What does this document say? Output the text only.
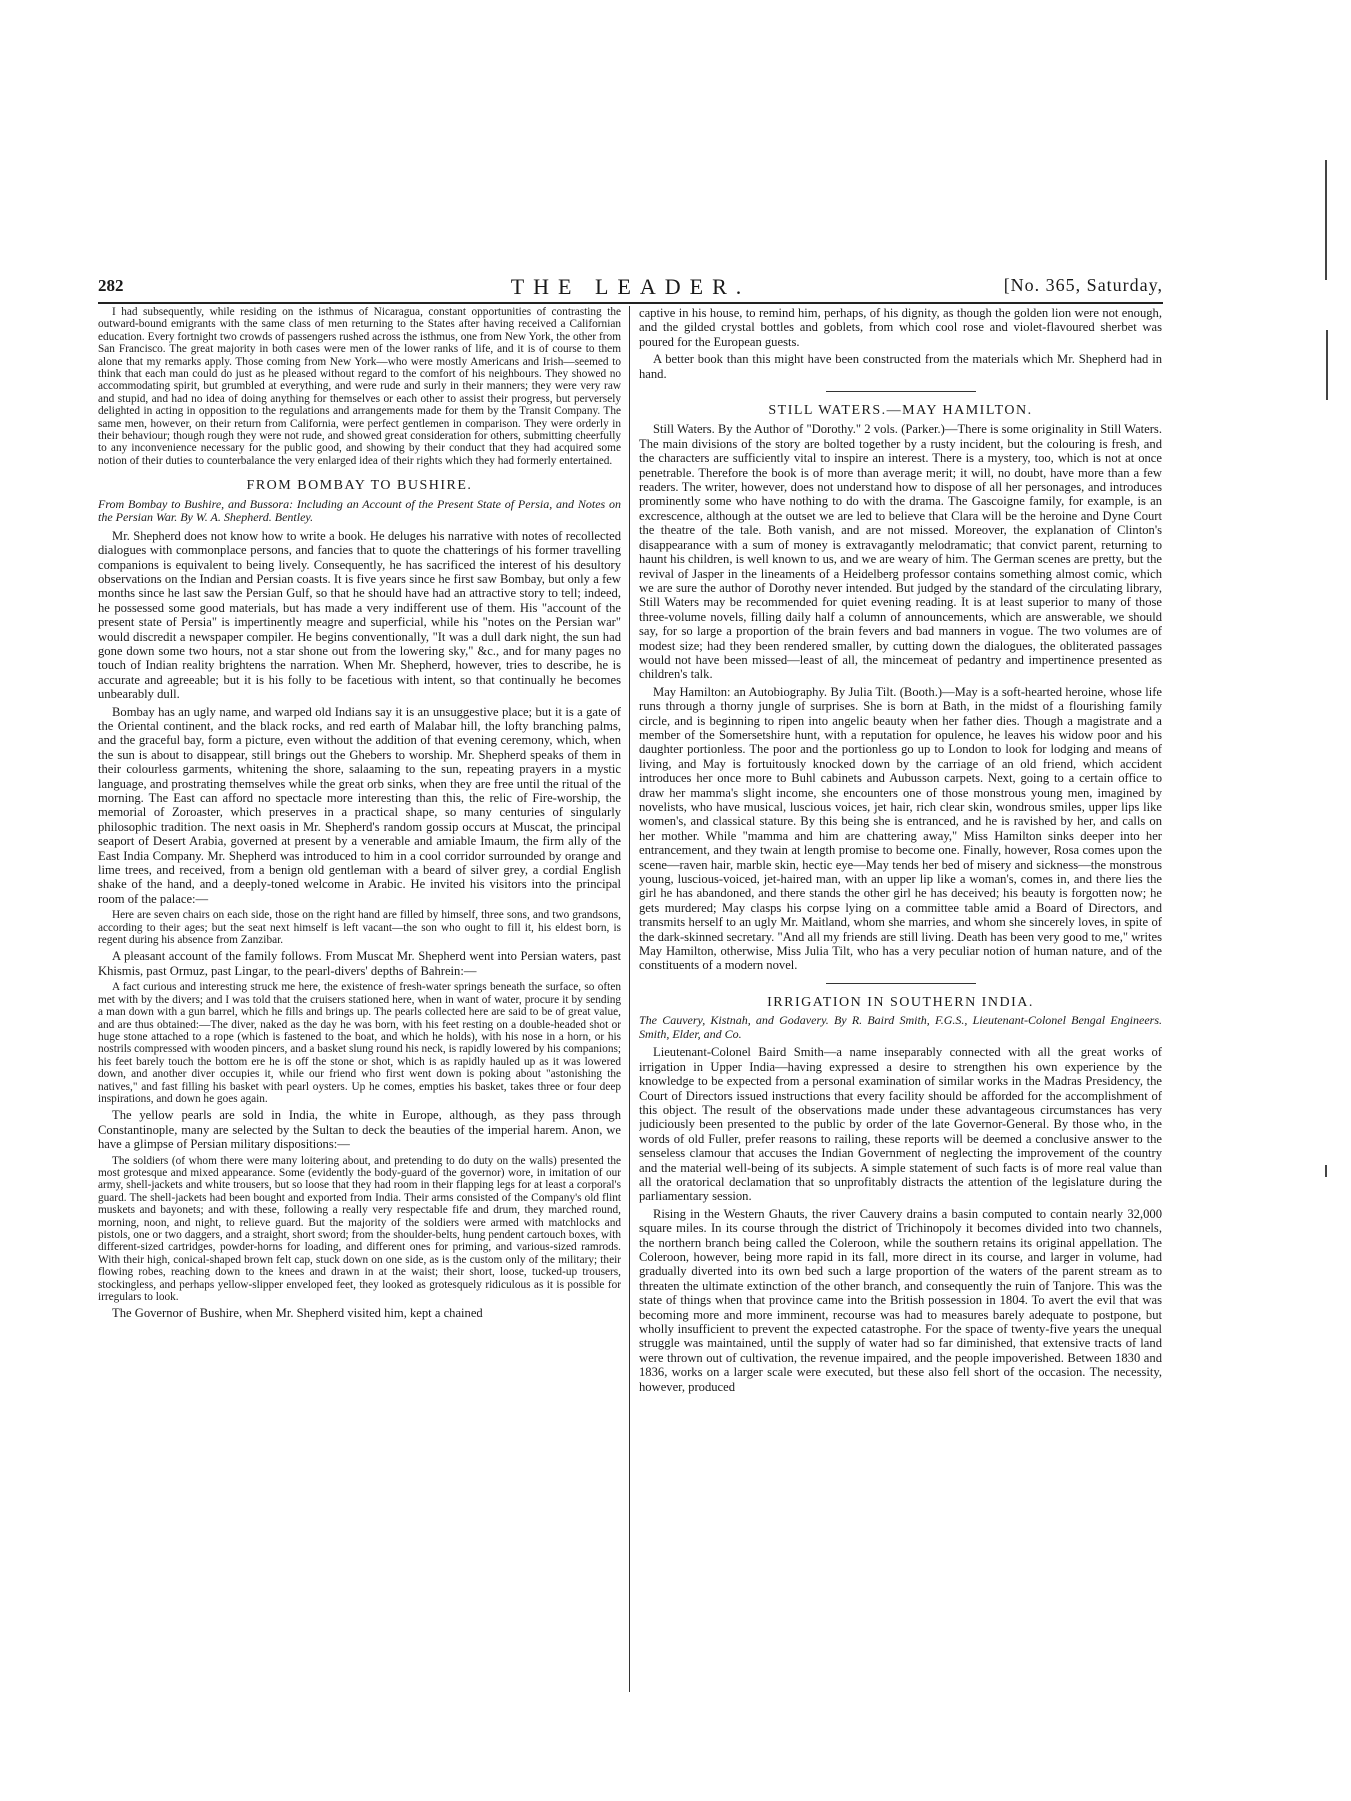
282	THE LEADER.	[No. 365, Saturday,

I had subsequently, while residing on the isthmus of Nicaragua, constant opportunities of contrasting the outward-bound emigrants with the same class of men returning to the States after having received a Californian education. Every fortnight two crowds of passengers rushed across the isthmus, one from New York, the other from San Francisco. The great majority in both cases were men of the lower ranks of life, and it is of course to them alone that my remarks apply. Those coming from New York—who were mostly Americans and Irish—seemed to think that each man could do just as he pleased without regard to the comfort of his neighbours. They showed no accommodating spirit, but grumbled at everything, and were rude and surly in their manners; they were very raw and stupid, and had no idea of doing anything for themselves or each other to assist their progress, but perversely delighted in acting in opposition to the regulations and arrangements made for them by the Transit Company. The same men, however, on their return from California, were perfect gentlemen in comparison. They were orderly in their behaviour; though rough they were not rude, and showed great consideration for others, submitting cheerfully to any inconvenience necessary for the public good, and showing by their conduct that they had acquired some notion of their duties to counterbalance the very enlarged idea of their rights which they had formerly entertained.

FROM BOMBAY TO BUSHIRE.

From Bombay to Bushire, and Bussora: Including an Account of the Present State of Persia, and Notes on the Persian War. By W. A. Shepherd. Bentley.

Mr. Shepherd does not know how to write a book. He deluges his narrative with notes of recollected dialogues with commonplace persons, and fancies that to quote the chatterings of his former travelling companions is equivalent to being lively. Consequently, he has sacrificed the interest of his desultory observations on the Indian and Persian coasts. It is five years since he first saw Bombay, but only a few months since he last saw the Persian Gulf, so that he should have had an attractive story to tell; indeed, he possessed some good materials, but has made a very indifferent use of them. His "account of the present state of Persia" is impertinently meagre and superficial, while his "notes on the Persian war" would discredit a newspaper compiler. He begins conventionally, "It was a dull dark night, the sun had gone down some two hours, not a star shone out from the lowering sky," &c., and for many pages no touch of Indian reality brightens the narration. When Mr. Shepherd, however, tries to describe, he is accurate and agreeable; but it is his folly to be facetious with intent, so that continually he becomes unbearably dull.

Bombay has an ugly name, and warped old Indians say it is an unsuggestive place; but it is a gate of the Oriental continent, and the black rocks, and red earth of Malabar hill, the lofty branching palms, and the graceful bay, form a picture, even without the addition of that evening ceremony, which, when the sun is about to disappear, still brings out the Ghebers to worship. Mr. Shepherd speaks of them in their colourless garments, whitening the shore, salaaming to the sun, repeating prayers in a mystic language, and prostrating themselves while the great orb sinks, when they are free until the ritual of the morning. The East can afford no spectacle more interesting than this, the relic of Fire-worship, the memorial of Zoroaster, which preserves in a practical shape, so many centuries of singularly philosophic tradition. The next oasis in Mr. Shepherd's random gossip occurs at Muscat, the principal seaport of Desert Arabia, governed at present by a venerable and amiable Imaum, the firm ally of the East India Company. Mr. Shepherd was introduced to him in a cool corridor surrounded by orange and lime trees, and received, from a benign old gentleman with a beard of silver grey, a cordial English shake of the hand, and a deeply-toned welcome in Arabic. He invited his visitors into the principal room of the palace:—

Here are seven chairs on each side, those on the right hand are filled by himself, three sons, and two grandsons, according to their ages; but the seat next himself is left vacant—the son who ought to fill it, his eldest born, is regent during his absence from Zanzibar.

A pleasant account of the family follows. From Muscat Mr. Shepherd went into Persian waters, past Khismis, past Ormuz, past Lingar, to the pearl-divers' depths of Bahrein:—

A fact curious and interesting struck me here, the existence of fresh-water springs beneath the surface, so often met with by the divers; and I was told that the cruisers stationed here, when in want of water, procure it by sending a man down with a gun barrel, which he fills and brings up. The pearls collected here are said to be of great value, and are thus obtained:—The diver, naked as the day he was born, with his feet resting on a double-headed shot or huge stone attached to a rope (which is fastened to the boat, and which he holds), with his nose in a horn, or his nostrils compressed with wooden pincers, and a basket slung round his neck, is rapidly lowered by his companions; his feet barely touch the bottom ere he is off the stone or shot, which is as rapidly hauled up as it was lowered down, and another diver occupies it, while our friend who first went down is poking about "astonishing the natives," and fast filling his basket with pearl oysters. Up he comes, empties his basket, takes three or four deep inspirations, and down he goes again.

The yellow pearls are sold in India, the white in Europe, although, as they pass through Constantinople, many are selected by the Sultan to deck the beauties of the imperial harem. Anon, we have a glimpse of Persian military dispositions:—

The soldiers (of whom there were many loitering about, and pretending to do duty on the walls) presented the most grotesque and mixed appearance. Some (evidently the body-guard of the governor) wore, in imitation of our army, shell-jackets and white trousers, but so loose that they had room in their flapping legs for at least a corporal's guard. The shell-jackets had been bought and exported from India. Their arms consisted of the Company's old flint muskets and bayonets; and with these, following a really very respectable fife and drum, they marched round, morning, noon, and night, to relieve guard. But the majority of the soldiers were armed with matchlocks and pistols, one or two daggers, and a straight, short sword; from the shoulder-belts, hung pendent cartouch boxes, with different-sized cartridges, powder-horns for loading, and different ones for priming, and various-sized ramrods. With their high, conical-shaped brown felt cap, stuck down on one side, as is the custom only of the military; their flowing robes, reaching down to the knees and drawn in at the waist; their short, loose, tucked-up trousers, stockingless, and perhaps yellow-slipper enveloped feet, they looked as grotesquely ridiculous as it is possible for irregulars to look.

The Governor of Bushire, when Mr. Shepherd visited him, kept a chained

captive in his house, to remind him, perhaps, of his dignity, as though the golden lion were not enough, and the gilded crystal bottles and goblets, from which cool rose and violet-flavoured sherbet was poured for the European guests.

A better book than this might have been constructed from the materials which Mr. Shepherd had in hand.

STILL WATERS.—MAY HAMILTON.

Still Waters. By the Author of "Dorothy." 2 vols. (Parker.)—There is some originality in Still Waters. The main divisions of the story are bolted together by a rusty incident, but the colouring is fresh, and the characters are sufficiently vital to inspire an interest. There is a mystery, too, which is not at once penetrable. Therefore the book is of more than average merit; it will, no doubt, have more than a few readers. The writer, however, does not understand how to dispose of all her personages, and introduces prominently some who have nothing to do with the drama. The Gascoigne family, for example, is an excrescence, although at the outset we are led to believe that Clara will be the heroine and Dyne Court the theatre of the tale. Both vanish, and are not missed. Moreover, the explanation of Clinton's disappearance with a sum of money is extravagantly melodramatic; that convict parent, returning to haunt his children, is well known to us, and we are weary of him. The German scenes are pretty, but the revival of Jasper in the lineaments of a Heidelberg professor contains something almost comic, which we are sure the author of Dorothy never intended. But judged by the standard of the circulating library, Still Waters may be recommended for quiet evening reading. It is at least superior to many of those three-volume novels, filling daily half a column of announcements, which are answerable, we should say, for so large a proportion of the brain fevers and bad manners in vogue. The two volumes are of modest size; had they been rendered smaller, by cutting down the dialogues, the obliterated passages would not have been missed—least of all, the mincemeat of pedantry and impertinence presented as children's talk.

May Hamilton: an Autobiography. By Julia Tilt. (Booth.)—May is a soft-hearted heroine, whose life runs through a thorny jungle of surprises. She is born at Bath, in the midst of a flourishing family circle, and is beginning to ripen into angelic beauty when her father dies. Though a magistrate and a member of the Somersetshire hunt, with a reputation for opulence, he leaves his widow poor and his daughter portionless. The poor and the portionless go up to London to look for lodging and means of living, and May is fortuitously knocked down by the carriage of an old friend, which accident introduces her once more to Buhl cabinets and Aubusson carpets. Next, going to a certain office to draw her mamma's slight income, she encounters one of those monstrous young men, imagined by novelists, who have musical, luscious voices, jet hair, rich clear skin, wondrous smiles, upper lips like women's, and classical stature. By this being she is entranced, and he is ravished by her, and calls on her mother. While "mamma and him are chattering away," Miss Hamilton sinks deeper into her entrancement, and they twain at length promise to become one. Finally, however, Rosa comes upon the scene—raven hair, marble skin, hectic eye—May tends her bed of misery and sickness—the monstrous young, luscious-voiced, jet-haired man, with an upper lip like a woman's, comes in, and there lies the girl he has abandoned, and there stands the other girl he has deceived; his beauty is forgotten now; he gets murdered; May clasps his corpse lying on a committee table amid a Board of Directors, and transmits herself to an ugly Mr. Maitland, whom she marries, and whom she sincerely loves, in spite of the dark-skinned secretary. "And all my friends are still living. Death has been very good to me," writes May Hamilton, otherwise, Miss Julia Tilt, who has a very peculiar notion of human nature, and of the constituents of a modern novel.

IRRIGATION IN SOUTHERN INDIA.

The Cauvery, Kistnah, and Godavery. By R. Baird Smith, F.G.S., Lieutenant-Colonel Bengal Engineers. Smith, Elder, and Co.

Lieutenant-Colonel Baird Smith—a name inseparably connected with all the great works of irrigation in Upper India—having expressed a desire to strengthen his own experience by the knowledge to be expected from a personal examination of similar works in the Madras Presidency, the Court of Directors issued instructions that every facility should be afforded for the accomplishment of this object. The result of the observations made under these advantageous circumstances has very judiciously been presented to the public by order of the late Governor-General. By those who, in the words of old Fuller, prefer reasons to railing, these reports will be deemed a conclusive answer to the senseless clamour that accuses the Indian Government of neglecting the improvement of the country and the material well-being of its subjects. A simple statement of such facts is of more real value than all the oratorical declamation that so unprofitably distracts the attention of the legislature during the parliamentary session.

Rising in the Western Ghauts, the river Cauvery drains a basin computed to contain nearly 32,000 square miles. In its course through the district of Trichinopoly it becomes divided into two channels, the northern branch being called the Coleroon, while the southern retains its original appellation. The Coleroon, however, being more rapid in its fall, more direct in its course, and larger in volume, had gradually diverted into its own bed such a large proportion of the waters of the parent stream as to threaten the ultimate extinction of the other branch, and consequently the ruin of Tanjore. This was the state of things when that province came into the British possession in 1804. To avert the evil that was becoming more and more imminent, recourse was had to measures barely adequate to postpone, but wholly insufficient to prevent the expected catastrophe. For the space of twenty-five years the unequal struggle was maintained, until the supply of water had so far diminished, that extensive tracts of land were thrown out of cultivation, the revenue impaired, and the people impoverished. Between 1830 and 1836, works on a larger scale were executed, but these also fell short of the occasion. The necessity, however, produced
